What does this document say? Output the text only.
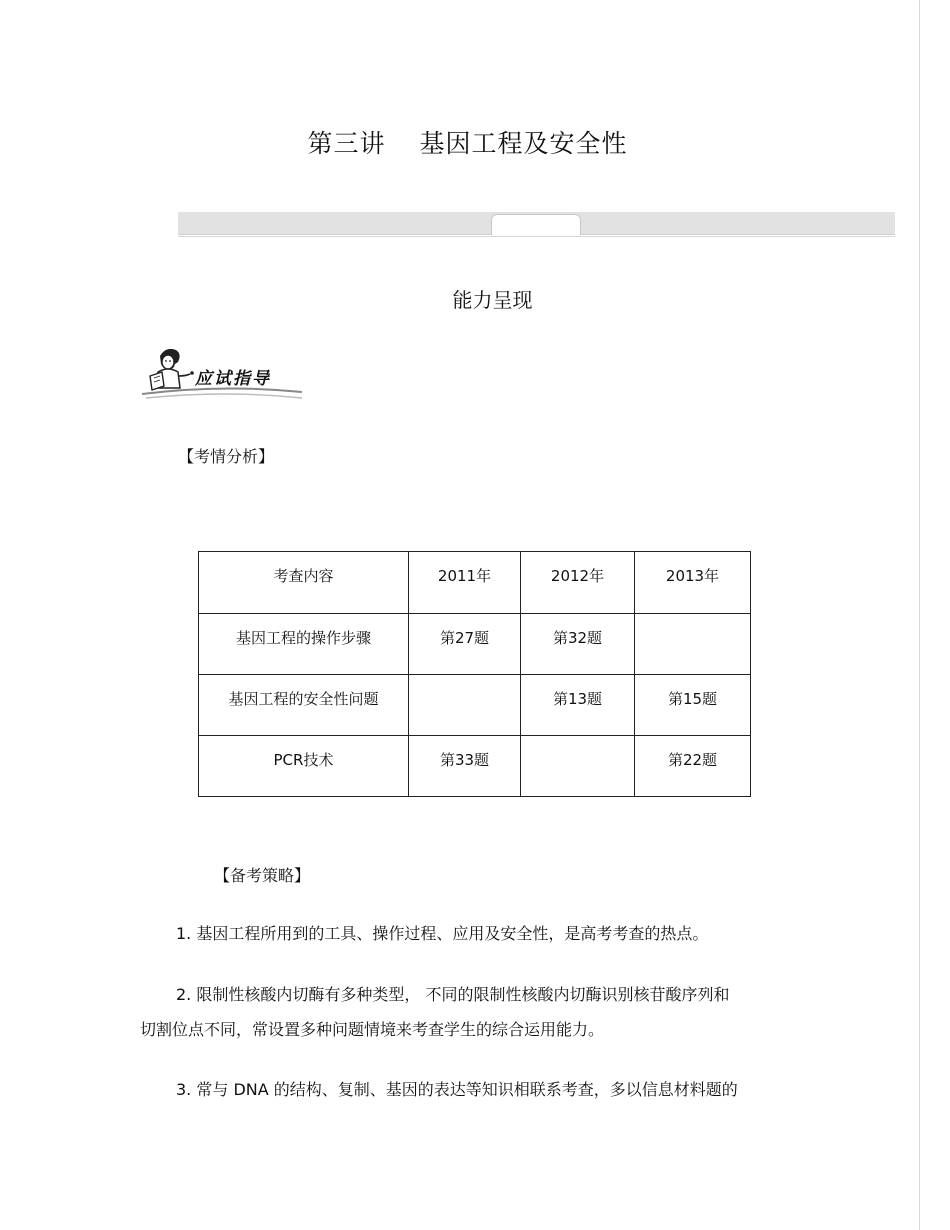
第三讲 基因工程及安全性
能力呈现
应试指导
【考情分析】
考查内容	2011年	2012年	2013年
基因工程的操作步骤	第27题	第32题	
基因工程的安全性问题		第13题	第15题
PCR技术	第33题		第22题
【备考策略】
1. 基因工程所用到的工具、操作过程、应用及安全性，是高考考查的热点。
2. 限制性核酸内切酶有多种类型， 不同的限制性核酸内切酶识别核苷酸序列和
切割位点不同，常设置多种问题情境来考查学生的综合运用能力。
3. 常与 DNA 的结构、复制、基因的表达等知识相联系考查，多以信息材料题的
